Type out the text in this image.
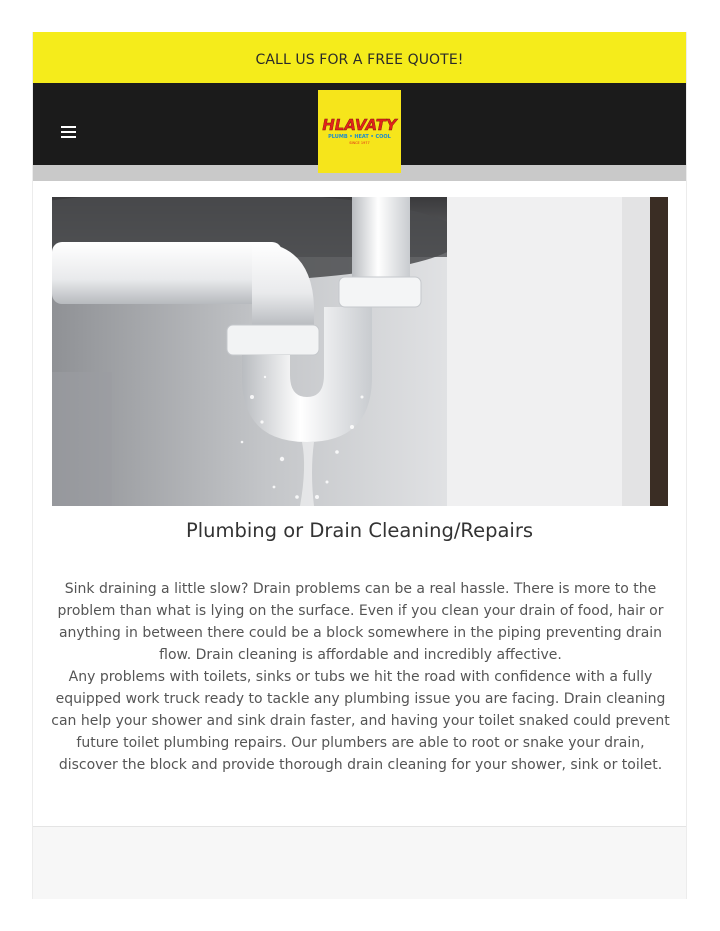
CALL US FOR A FREE QUOTE!
HLAVATY
PLUMB • HEAT • COOL
SINCE 1977
Plumbing or Drain Cleaning/Repairs

Sink draining a little slow? Drain problems can be a real hassle. There is more to the problem than what is lying on the surface. Even if you clean your drain of food, hair or anything in between there could be a block somewhere in the piping preventing drain flow. Drain cleaning is affordable and incredibly affective.

Any problems with toilets, sinks or tubs we hit the road with confidence with a fully equipped work truck ready to tackle any plumbing issue you are facing. Drain cleaning can help your shower and sink drain faster, and having your toilet snaked could prevent future toilet plumbing repairs. Our plumbers are able to root or snake your drain, discover the block and provide thorough drain cleaning for your shower, sink or toilet.
